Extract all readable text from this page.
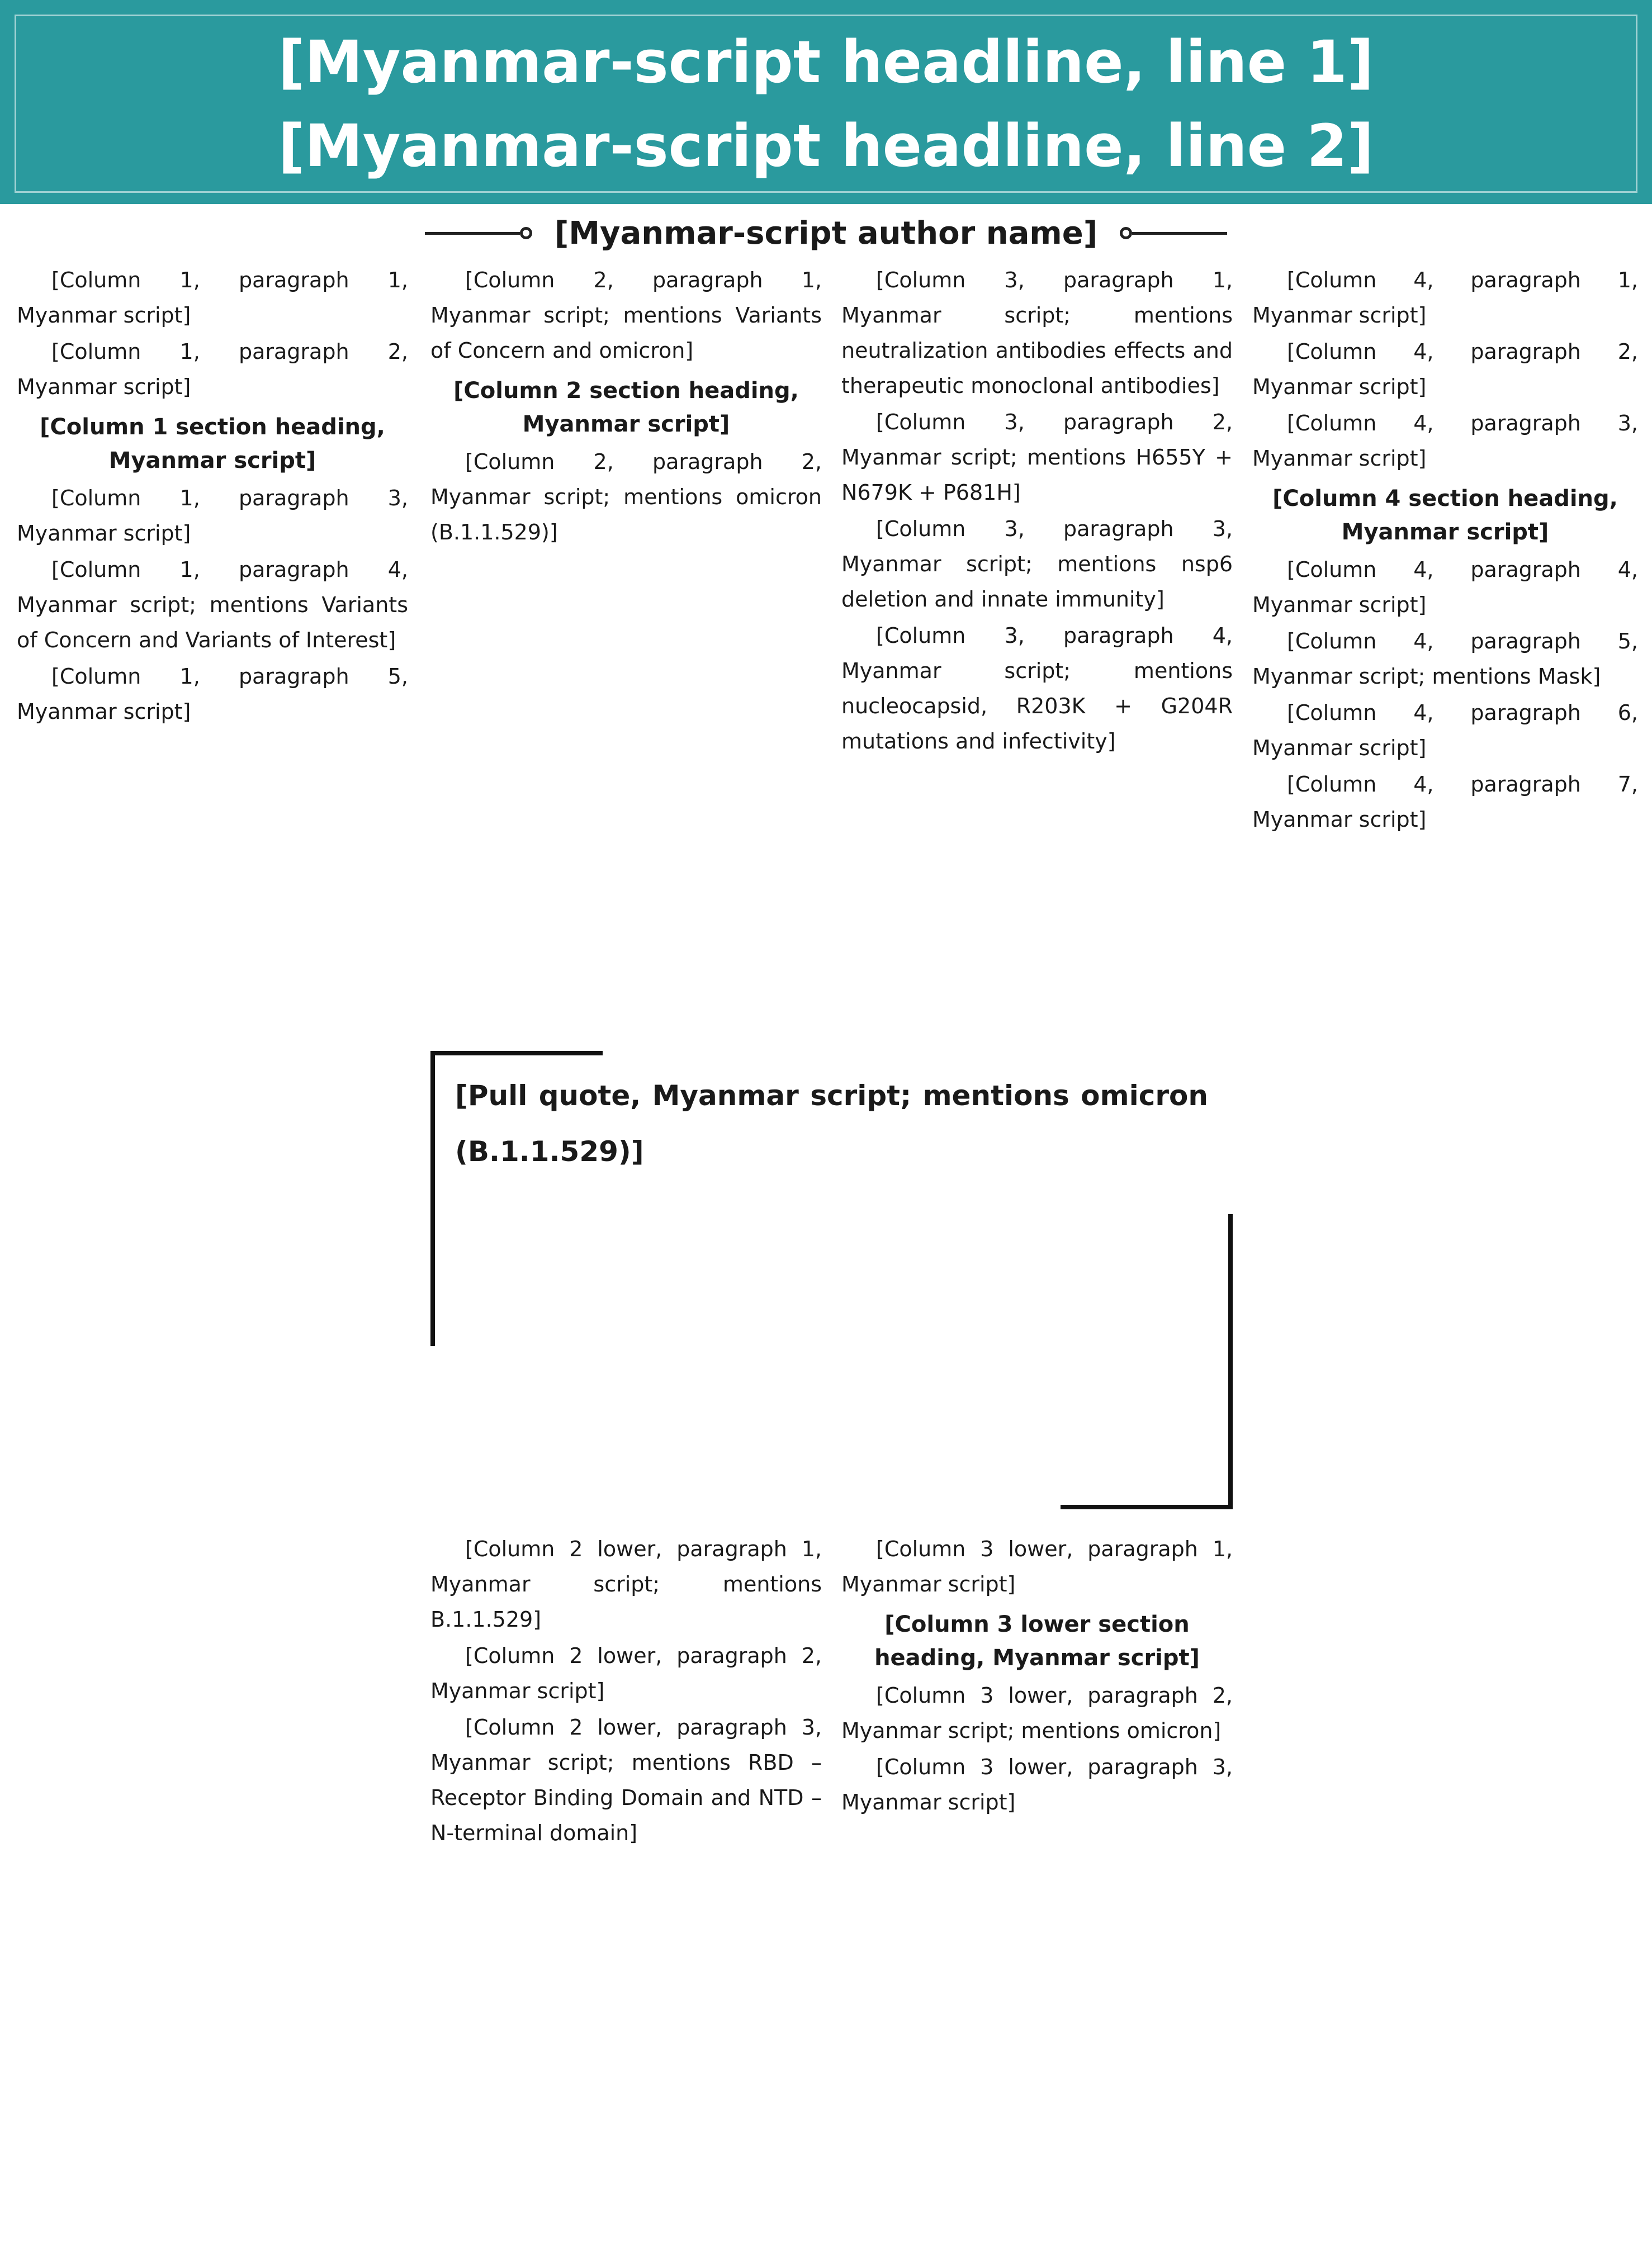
[Myanmar-script headline, line 1]
[Myanmar-script headline, line 2]
[Myanmar-script author name]

[Column 1, paragraph 1, Myanmar script]

[Column 1, paragraph 2, Myanmar script]

[Column 1 section heading, Myanmar script]

[Column 1, paragraph 3, Myanmar script]

[Column 1, paragraph 4, Myanmar script; mentions Variants of Concern and Variants of Interest]

[Column 1, paragraph 5, Myanmar script]

[Column 2, paragraph 1, Myanmar script; mentions Variants of Concern and omicron]

[Column 2 section heading, Myanmar script]

[Column 2, paragraph 2, Myanmar script; mentions omicron (B.1.1.529)]

[Column 3, paragraph 1, Myanmar script; mentions neutralization antibodies effects and therapeutic monoclonal antibodies]

[Column 3, paragraph 2, Myanmar script; mentions H655Y + N679K + P681H]

[Column 3, paragraph 3, Myanmar script; mentions nsp6 deletion and innate immunity]

[Column 3, paragraph 4, Myanmar script; mentions nucleocapsid, R203K + G204R mutations and infectivity]

[Pull quote, Myanmar script; mentions omicron (B.1.1.529)]

[Column 2 lower, paragraph 1, Myanmar script; mentions B.1.1.529]

[Column 2 lower, paragraph 2, Myanmar script]

[Column 2 lower, paragraph 3, Myanmar script; mentions RBD – Receptor Binding Domain and NTD – N-terminal domain]

[Column 3 lower, paragraph 1, Myanmar script]

[Column 3 lower section heading, Myanmar script]

[Column 3 lower, paragraph 2, Myanmar script; mentions omicron]

[Column 3 lower, paragraph 3, Myanmar script]

[Column 4, paragraph 1, Myanmar script]

[Column 4, paragraph 2, Myanmar script]

[Column 4, paragraph 3, Myanmar script]

[Column 4 section heading, Myanmar script]

[Column 4, paragraph 4, Myanmar script]

[Column 4, paragraph 5, Myanmar script; mentions Mask]

[Column 4, paragraph 6, Myanmar script]

[Column 4, paragraph 7, Myanmar script]
